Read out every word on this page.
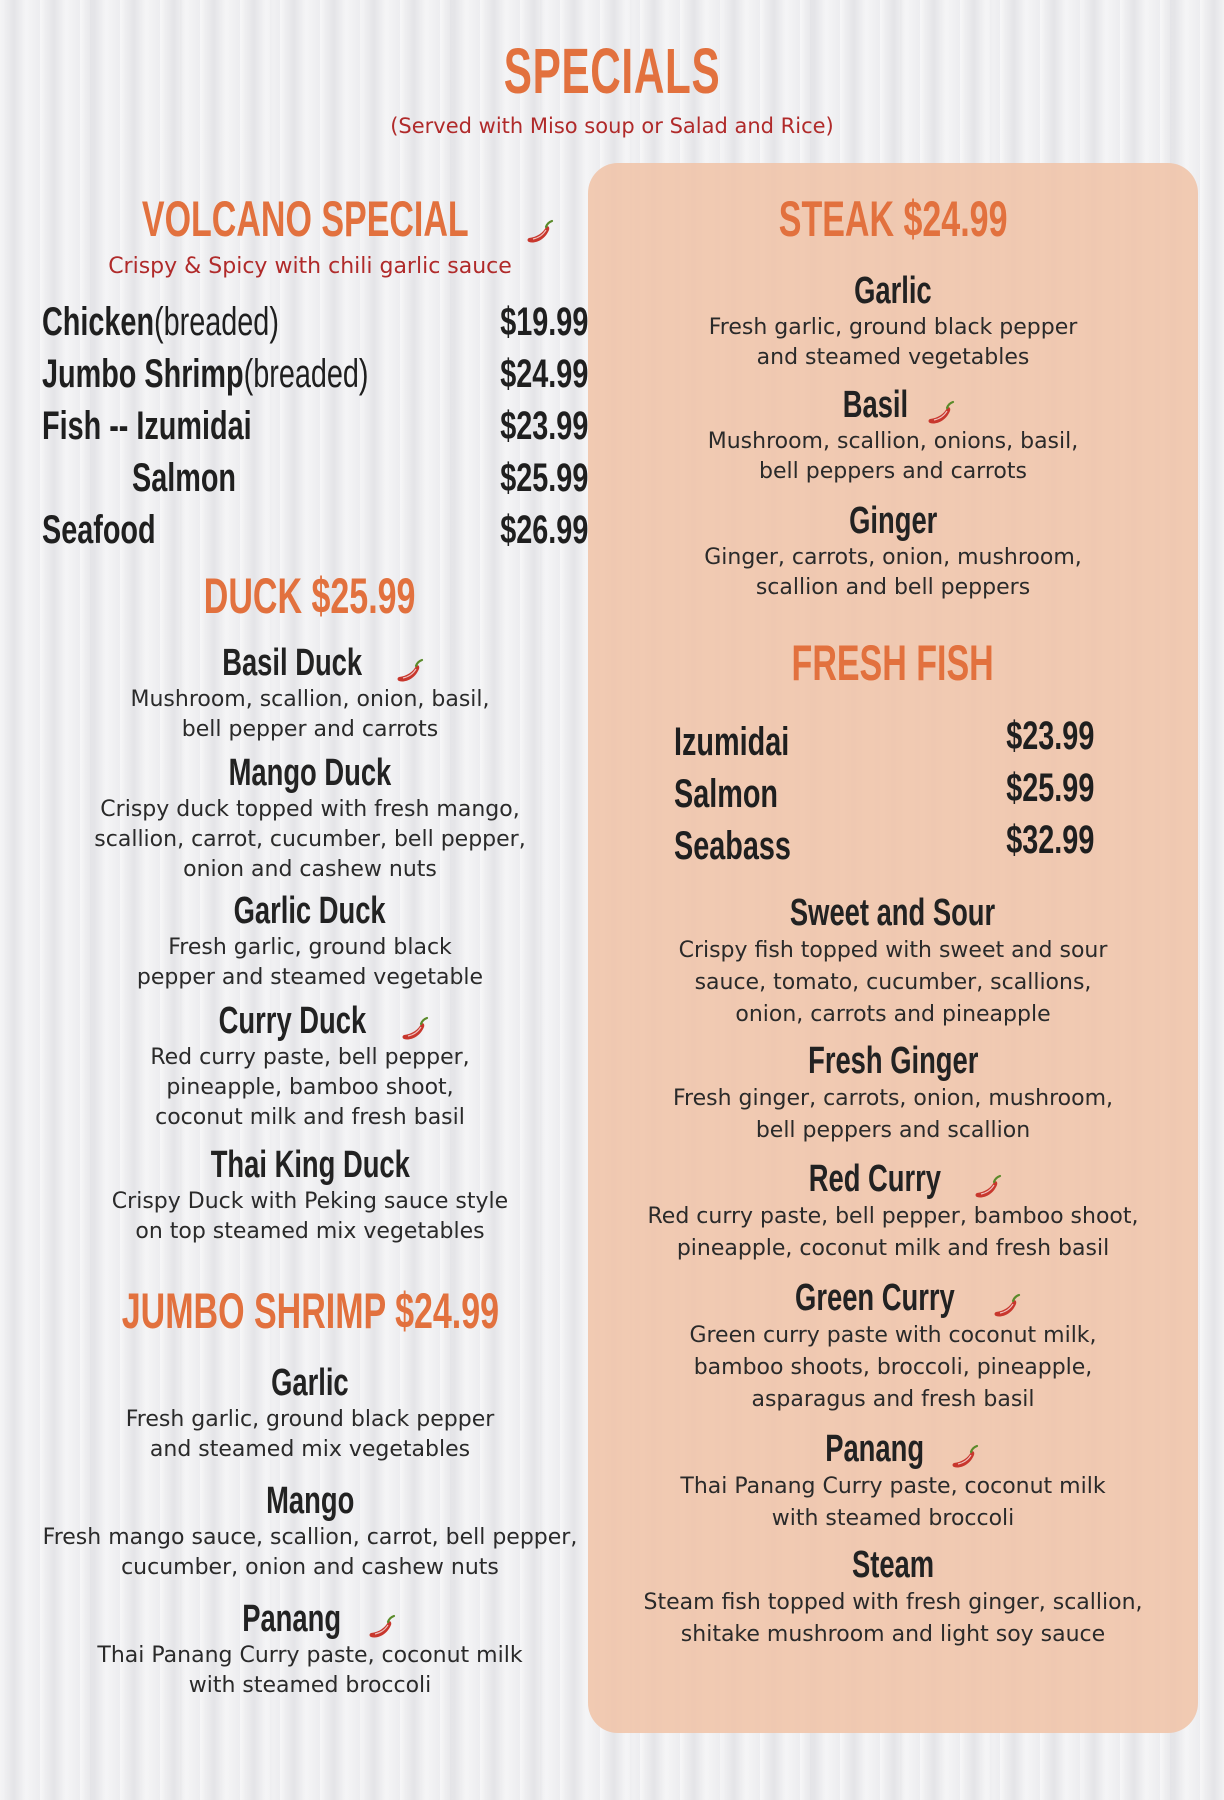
SPECIALS
(Served with Miso soup or Salad and Rice)
VOLCANO SPECIAL
Crispy & Spicy with chili garlic sauce
Chicken(breaded)	$19.99
Jumbo Shrimp(breaded)	$24.99
Fish -- Izumidai	$23.99
Salmon	$25.99
Seafood	$26.99
DUCK $25.99
Basil Duck
Mushroom, scallion, onion, basil,
bell pepper and carrots
Mango Duck
Crispy duck topped with fresh mango,
scallion, carrot, cucumber, bell pepper,
onion and cashew nuts
Garlic Duck
Fresh garlic, ground black
pepper and steamed vegetable
Curry Duck
Red curry paste, bell pepper,
pineapple, bamboo shoot,
coconut milk and fresh basil
Thai King Duck
Crispy Duck with Peking sauce style
on top steamed mix vegetables
JUMBO SHRIMP $24.99
Garlic
Fresh garlic, ground black pepper
and steamed mix vegetables
Mango
Fresh mango sauce, scallion, carrot, bell pepper,
cucumber, onion and cashew nuts
Panang
Thai Panang Curry paste, coconut milk
with steamed broccoli
STEAK $24.99
Garlic
Fresh garlic, ground black pepper
and steamed vegetables
Basil
Mushroom, scallion, onions, basil,
bell peppers and carrots
Ginger
Ginger, carrots, onion, mushroom,
scallion and bell peppers
FRESH FISH
Izumidai	$23.99
Salmon	$25.99
Seabass	$32.99
Sweet and Sour
Crispy fish topped with sweet and sour
sauce, tomato, cucumber, scallions,
onion, carrots and pineapple
Fresh Ginger
Fresh ginger, carrots, onion, mushroom,
bell peppers and scallion
Red Curry
Red curry paste, bell pepper, bamboo shoot,
pineapple, coconut milk and fresh basil
Green Curry
Green curry paste with coconut milk,
bamboo shoots, broccoli, pineapple,
asparagus and fresh basil
Panang
Thai Panang Curry paste, coconut milk
with steamed broccoli
Steam
Steam fish topped with fresh ginger, scallion,
shitake mushroom and light soy sauce
